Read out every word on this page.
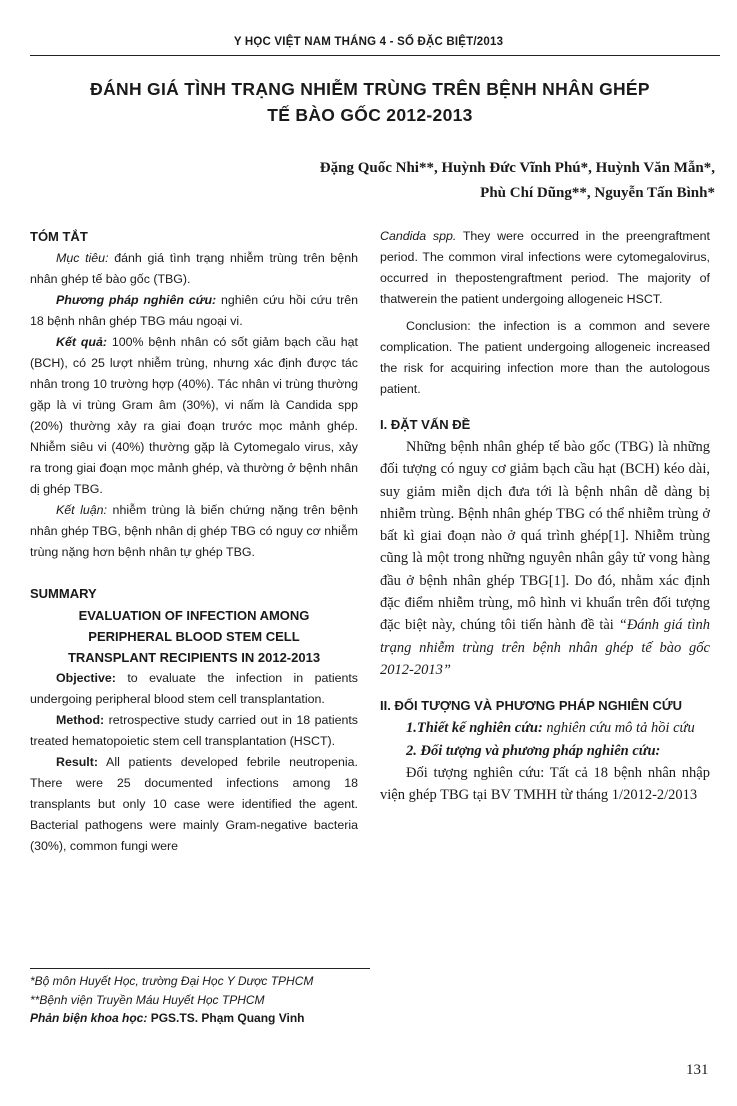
Y HỌC VIỆT NAM THÁNG 4 - SỐ ĐẶC BIỆT/2013
ĐÁNH GIÁ TÌNH TRẠNG NHIỄM TRÙNG TRÊN BỆNH NHÂN GHÉP
TẾ BÀO GỐC 2012-2013
Đặng Quốc Nhi**, Huỳnh Đức Vĩnh Phú*, Huỳnh Văn Mẫn*,
Phù Chí Dũng**, Nguyễn Tấn Bình*
TÓM TẮT

Mục tiêu: đánh giá tình trạng nhiễm trùng trên bệnh nhân ghép tế bào gốc (TBG).

Phương pháp nghiên cứu: nghiên cứu hồi cứu trên 18 bệnh nhân ghép TBG máu ngoại vi.

Kết quả: 100% bệnh nhân có sốt giảm bạch cầu hạt (BCH), có 25 lượt nhiễm trùng, nhưng xác định được tác nhân trong 10 trường hợp (40%). Tác nhân vi trùng thường gặp là vi trùng Gram âm (30%), vi nấm là Candida spp (20%) thường xảy ra giai đoạn trước mọc mảnh ghép. Nhiễm siêu vi (40%) thường gặp là Cytomegalo virus, xảy ra trong giai đoạn mọc mảnh ghép, và thường ở bệnh nhân dị ghép TBG.

Kết luận: nhiễm trùng là biến chứng nặng trên bệnh nhân ghép TBG, bệnh nhân dị ghép TBG có nguy cơ nhiễm trùng nặng hơn bệnh nhân tự ghép TBG.

SUMMARY
EVALUATION OF INFECTION AMONG
PERIPHERAL BLOOD STEM CELL
TRANSPLANT RECIPIENTS IN 2012-2013

Objective: to evaluate the infection in patients undergoing peripheral blood stem cell transplantation.

Method: retrospective study carried out in 18 patients treated hematopoietic stem cell transplantation (HSCT).

Result: All patients developed febrile neutropenia. There were 25 documented infections among 18 transplants but only 10 case were identified the agent. Bacterial pathogens were mainly Gram-negative bacteria (30%), common fungi were

Candida spp. They were occurred in the preengraftment period. The common viral infections were cytomegalovirus, occurred in thepostengraftment period. The majority of thatwerein the patient undergoing allogeneic HSCT.

Conclusion: the infection is a common and severe complication. The patient undergoing allogeneic increased the risk for acquiring infection more than the autologous patient.

I. ĐẶT VẤN ĐỀ

Những bệnh nhân ghép tế bào gốc (TBG) là những đối tượng có nguy cơ giảm bạch cầu hạt (BCH) kéo dài, suy giảm miễn dịch đưa tới là bệnh nhân dễ dàng bị nhiễm trùng. Bệnh nhân ghép TBG có thể nhiễm trùng ở bất kì giai đoạn nào ở quá trình ghép[1]. Nhiễm trùng cũng là một trong những nguyên nhân gây tử vong hàng đầu ở bệnh nhân ghép TBG[1]. Do đó, nhằm xác định đặc điểm nhiễm trùng, mô hình vi khuẩn trên đối tượng đặc biệt này, chúng tôi tiến hành đề tài “Đánh giá tình trạng nhiễm trùng trên bệnh nhân ghép tế bào gốc 2012-2013”

II. ĐỐI TƯỢNG VÀ PHƯƠNG PHÁP NGHIÊN CỨU

1.Thiết kế nghiên cứu: nghiên cứu mô tả hồi cứu

2. Đối tượng và phương pháp nghiên cứu:

Đối tượng nghiên cứu: Tất cả 18 bệnh nhân nhập viện ghép TBG tại BV TMHH từ tháng 1/2012-2/2013

*Bộ môn Huyết Học, trường Đại Học Y Dược TPHCM
**Bệnh viện Truyền Máu Huyết Học TPHCM
Phản biện khoa học: PGS.TS. Phạm Quang Vinh
131
